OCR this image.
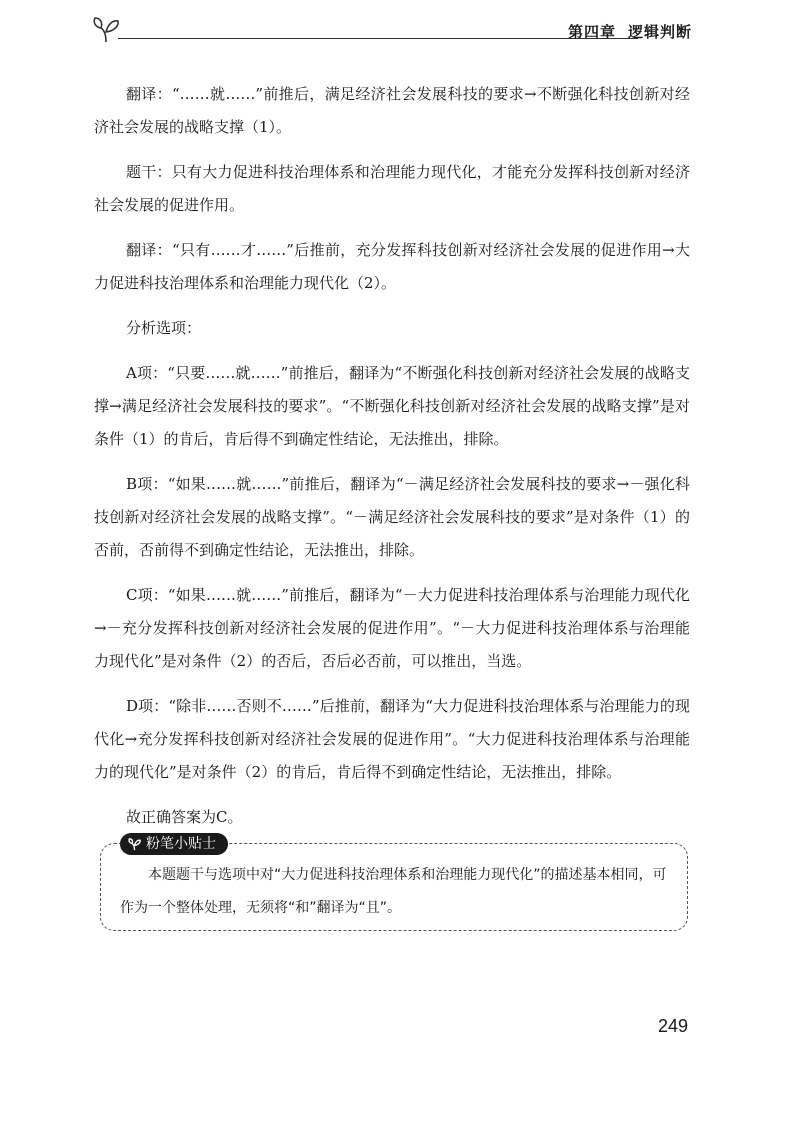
第四章 逻辑判断

翻译：“……就……”前推后，满足经济社会发展科技的要求→不断强化科技创新对经济社会发展的战略支撑（1）。

题干：只有大力促进科技治理体系和治理能力现代化，才能充分发挥科技创新对经济社会发展的促进作用。

翻译：“只有……才……”后推前，充分发挥科技创新对经济社会发展的促进作用→大力促进科技治理体系和治理能力现代化（2）。

分析选项：

A项：“只要……就……”前推后，翻译为“不断强化科技创新对经济社会发展的战略支撑→满足经济社会发展科技的要求”。“不断强化科技创新对经济社会发展的战略支撑”是对条件（1）的肯后，肯后得不到确定性结论，无法推出，排除。

B项：“如果……就……”前推后，翻译为“－满足经济社会发展科技的要求→－强化科技创新对经济社会发展的战略支撑”。“－满足经济社会发展科技的要求”是对条件（1）的否前，否前得不到确定性结论，无法推出，排除。

C项：“如果……就……”前推后，翻译为“－大力促进科技治理体系与治理能力现代化→－充分发挥科技创新对经济社会发展的促进作用”。“－大力促进科技治理体系与治理能力现代化”是对条件（2）的否后，否后必否前，可以推出，当选。

D项：“除非……否则不……”后推前，翻译为“大力促进科技治理体系与治理能力的现代化→充分发挥科技创新对经济社会发展的促进作用”。“大力促进科技治理体系与治理能力的现代化”是对条件（2）的肯后，肯后得不到确定性结论，无法推出，排除。

故正确答案为C。

粉笔小贴士
本题题干与选项中对“大力促进科技治理体系和治理能力现代化”的描述基本相同，可作为一个整体处理，无须将“和”翻译为“且”。
249
